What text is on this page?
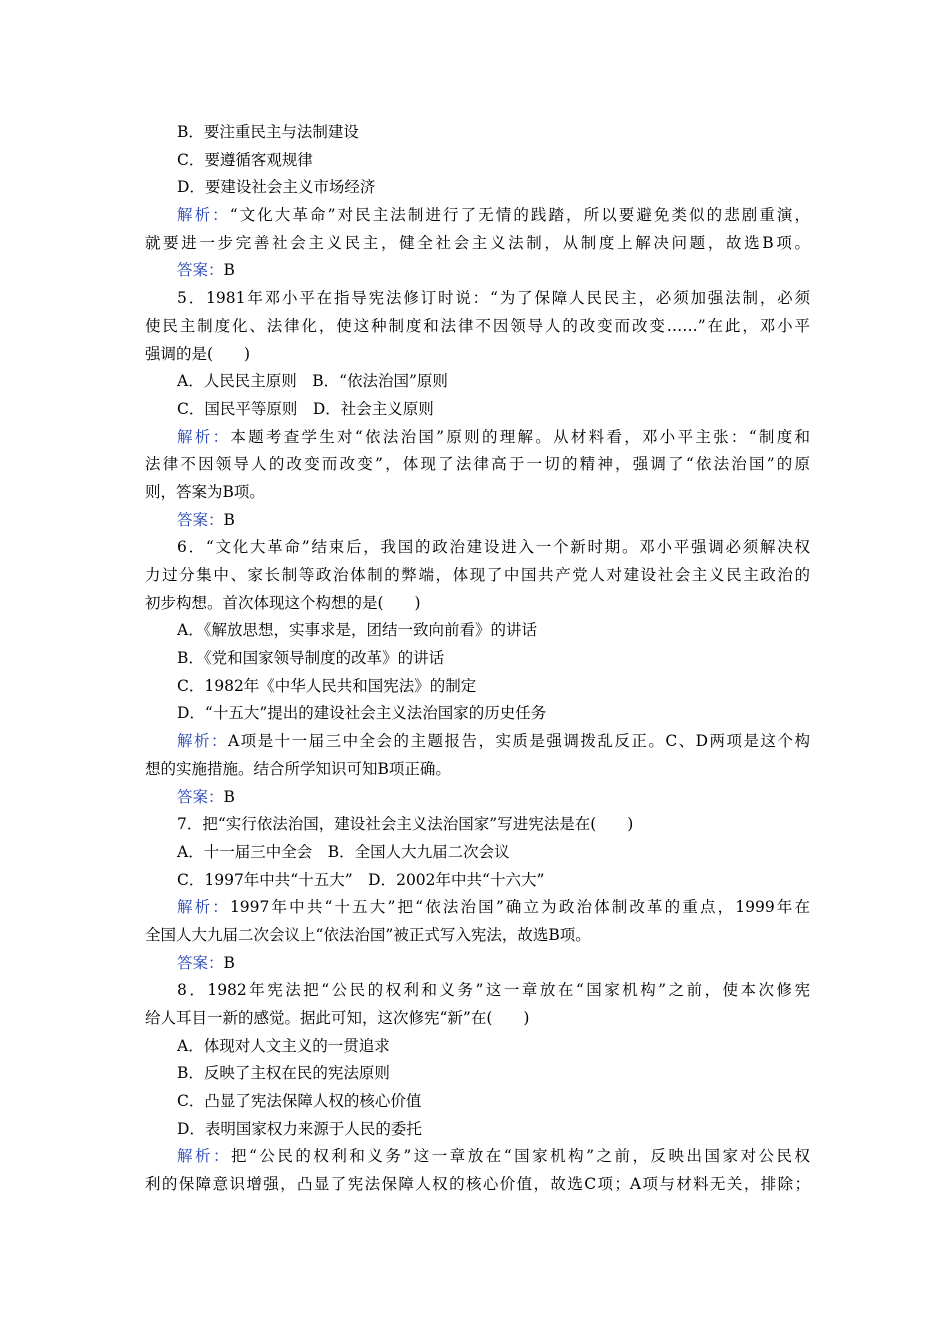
B．要注重民主与法制建设
C．要遵循客观规律
D．要建设社会主义市场经济
解析：“文化大革命”对民主法制进行了无情的践踏，所以要避免类似的悲剧重演，
就要进一步完善社会主义民主，健全社会主义法制，从制度上解决问题，故选B项。
答案：B
5．1981年邓小平在指导宪法修订时说：“为了保障人民民主，必须加强法制，必须
使民主制度化、法律化，使这种制度和法律不因领导人的改变而改变……”在此，邓小平
强调的是(　　)
A．人民民主原则　B．“依法治国”原则
C．国民平等原则　D．社会主义原则
解析：本题考查学生对“依法治国”原则的理解。从材料看，邓小平主张：“制度和
法律不因领导人的改变而改变”，体现了法律高于一切的精神，强调了“依法治国”的原
则，答案为B项。
答案：B
6．“文化大革命”结束后，我国的政治建设进入一个新时期。邓小平强调必须解决权
力过分集中、家长制等政治体制的弊端，体现了中国共产党人对建设社会主义民主政治的
初步构想。首次体现这个构想的是(　　)
A．《解放思想，实事求是，团结一致向前看》的讲话
B．《党和国家领导制度的改革》的讲话
C．1982年《中华人民共和国宪法》的制定
D．“十五大”提出的建设社会主义法治国家的历史任务
解析：A项是十一届三中全会的主题报告，实质是强调拨乱反正。C、D两项是这个构
想的实施措施。结合所学知识可知B项正确。
答案：B
7．把“实行依法治国，建设社会主义法治国家”写进宪法是在(　　)
A．十一届三中全会　B．全国人大九届二次会议
C．1997年中共“十五大”　D．2002年中共“十六大”
解析：1997年中共“十五大”把“依法治国”确立为政治体制改革的重点，1999年在
全国人大九届二次会议上“依法治国”被正式写入宪法，故选B项。
答案：B
8．1982年宪法把“公民的权利和义务”这一章放在“国家机构”之前，使本次修宪
给人耳目一新的感觉。据此可知，这次修宪“新”在(　　)
A．体现对人文主义的一贯追求
B．反映了主权在民的宪法原则
C．凸显了宪法保障人权的核心价值
D．表明国家权力来源于人民的委托
解析：把“公民的权利和义务”这一章放在“国家机构”之前，反映出国家对公民权
利的保障意识增强，凸显了宪法保障人权的核心价值，故选C项；A项与材料无关，排除；
